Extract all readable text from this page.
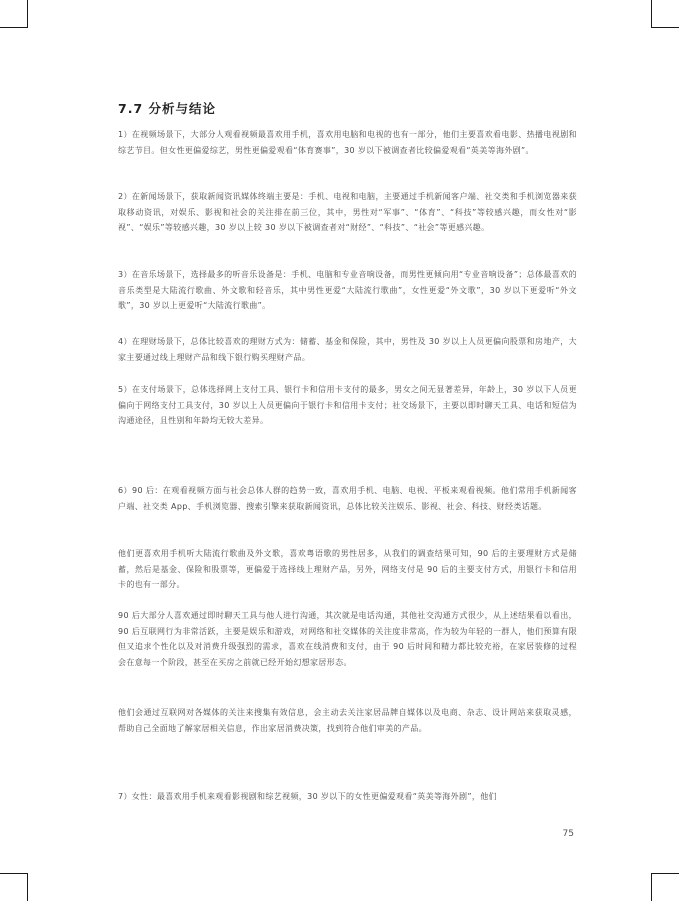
7.7 分析与结论

1）在视频场景下，大部分人观看视频最喜欢用手机，喜欢用电脑和电视的也有一部分，他们主要喜欢看电影、热播电视剧和综艺节目。但女性更偏爱综艺，男性更偏爱观看“体育赛事”，30 岁以下被调查者比较偏爱观看“英美等海外剧”。

2）在新闻场景下，获取新闻资讯媒体终端主要是：手机、电视和电脑，主要通过手机新闻客户端、社交类和手机浏览器来获取移动资讯，对娱乐、影视和社会的关注排在前三位，其中，男性对“军事”、“体育”、“科技”等较感兴趣，而女性对“影视”、“娱乐”等较感兴趣，30 岁以上较 30 岁以下被调查者对“财经”、“科技”、“社会”等更感兴趣。

3）在音乐场景下，选择最多的听音乐设备是：手机、电脑和专业音响设备，而男性更倾向用“专业音响设备”；总体最喜欢的音乐类型是大陆流行歌曲、外文歌和轻音乐，其中男性更爱“大陆流行歌曲”，女性更爱“外文歌”，30 岁以下更爱听“外文歌”，30 岁以上更爱听“大陆流行歌曲”。

4）在理财场景下，总体比较喜欢的理财方式为：储蓄、基金和保险，其中，男性及 30 岁以上人员更偏向股票和房地产，大家主要通过线上理财产品和线下银行购买理财产品。

5）在支付场景下，总体选择网上支付工具、银行卡和信用卡支付的最多，男女之间无显著差异，年龄上，30 岁以下人员更偏向于网络支付工具支付，30 岁以上人员更偏向于银行卡和信用卡支付；社交场景下，主要以即时聊天工具、电话和短信为沟通途径，且性别和年龄均无较大差异。

6）90 后：在观看视频方面与社会总体人群的趋势一致，喜欢用手机、电脑、电视、平板来观看视频。他们常用手机新闻客户端、社交类 App、手机浏览器、搜索引擎来获取新闻资讯，总体比较关注娱乐、影视、社会、科技、财经类话题。

他们更喜欢用手机听大陆流行歌曲及外文歌，喜欢粤语歌的男性居多，从我们的调查结果可知，90 后的主要理财方式是储蓄，然后是基金、保险和股票等，更偏爱于选择线上理财产品，另外，网络支付是 90 后的主要支付方式，用银行卡和信用卡的也有一部分。

90 后大部分人喜欢通过即时聊天工具与他人进行沟通，其次就是电话沟通，其他社交沟通方式很少，从上述结果看以看出，90 后互联网行为非常活跃，主要是娱乐和游戏，对网络和社交媒体的关注度非常高，作为较为年轻的一群人，他们预算有限但又追求个性化以及对消费升级强烈的需求，喜欢在线消费和支付，由于 90 后时间和精力都比较充裕，在家居装修的过程会在意每一个阶段，甚至在买房之前就已经开始幻想家居形态。

他们会通过互联网对各媒体的关注来搜集有效信息，会主动去关注家居品牌自媒体以及电商、杂志、设计网站来获取灵感，帮助自己全面地了解家居相关信息，作出家居消费决策，找到符合他们审美的产品。

7）女性：最喜欢用手机来观看影视剧和综艺视频，30 岁以下的女性更偏爱观看“英美等海外剧”，他们

75
